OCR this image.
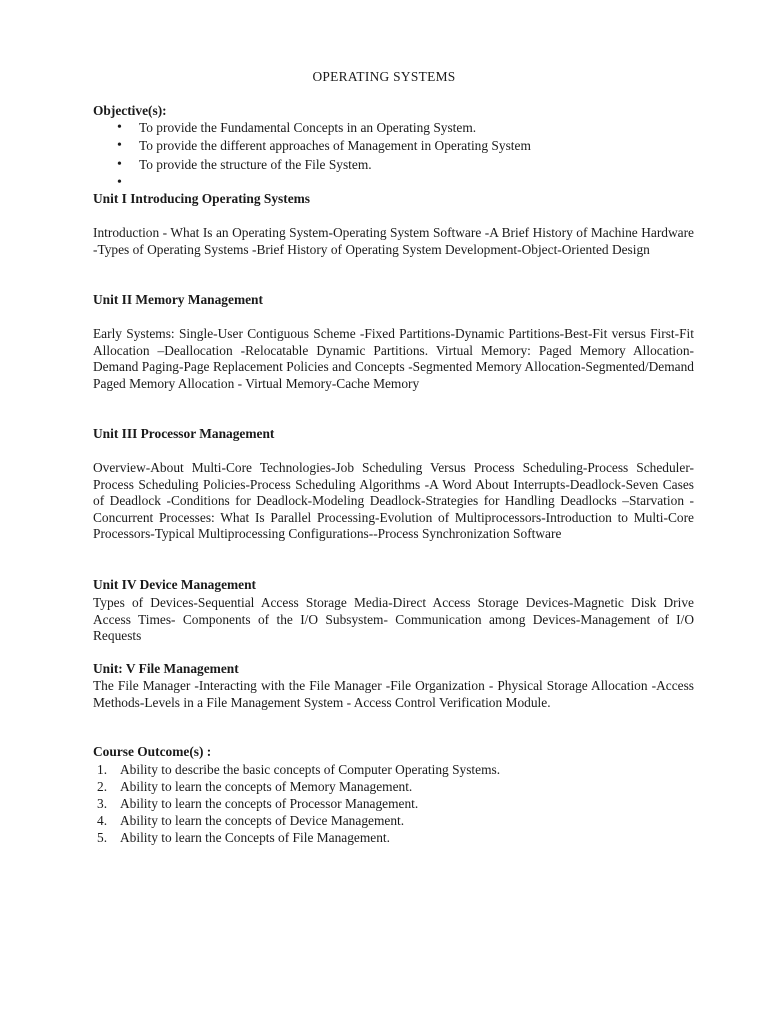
OPERATING SYSTEMS
Objective(s):
• To provide the Fundamental Concepts in an Operating System.
• To provide the different approaches of Management in Operating System
• To provide the structure of the File System.
•
Unit I Introducing Operating Systems
Introduction - What Is an Operating System-Operating System Software -A Brief History of Machine Hardware -Types of Operating Systems -Brief History of Operating System Development-Object-Oriented Design
Unit II Memory Management
Early Systems: Single-User Contiguous Scheme -Fixed Partitions-Dynamic Partitions-Best-Fit versus First-Fit Allocation –Deallocation -Relocatable Dynamic Partitions. Virtual Memory: Paged Memory Allocation-Demand Paging-Page Replacement Policies and Concepts -Segmented Memory Allocation-Segmented/Demand Paged Memory Allocation - Virtual Memory-Cache Memory
Unit III Processor Management
Overview-About Multi-Core Technologies-Job Scheduling Versus Process Scheduling-Process Scheduler-Process Scheduling Policies-Process Scheduling Algorithms -A Word About Interrupts-Deadlock-Seven Cases of Deadlock -Conditions for Deadlock-Modeling Deadlock-Strategies for Handling Deadlocks –Starvation - Concurrent Processes: What Is Parallel Processing-Evolution of Multiprocessors-Introduction to Multi-Core Processors-Typical Multiprocessing Configurations--Process Synchronization Software
Unit IV Device Management
Types of Devices-Sequential Access Storage Media-Direct Access Storage Devices-Magnetic Disk Drive Access Times- Components of the I/O Subsystem- Communication among Devices-Management of I/O Requests
Unit: V File Management
The File Manager -Interacting with the File Manager -File Organization - Physical Storage Allocation -Access Methods-Levels in a File Management System - Access Control Verification Module.
Course Outcome(s) :
1. Ability to describe the basic concepts of Computer Operating Systems.
2. Ability to learn the concepts of Memory Management.
3. Ability to learn the concepts of Processor Management.
4. Ability to learn the concepts of Device Management.
5. Ability to learn the Concepts of File Management.
